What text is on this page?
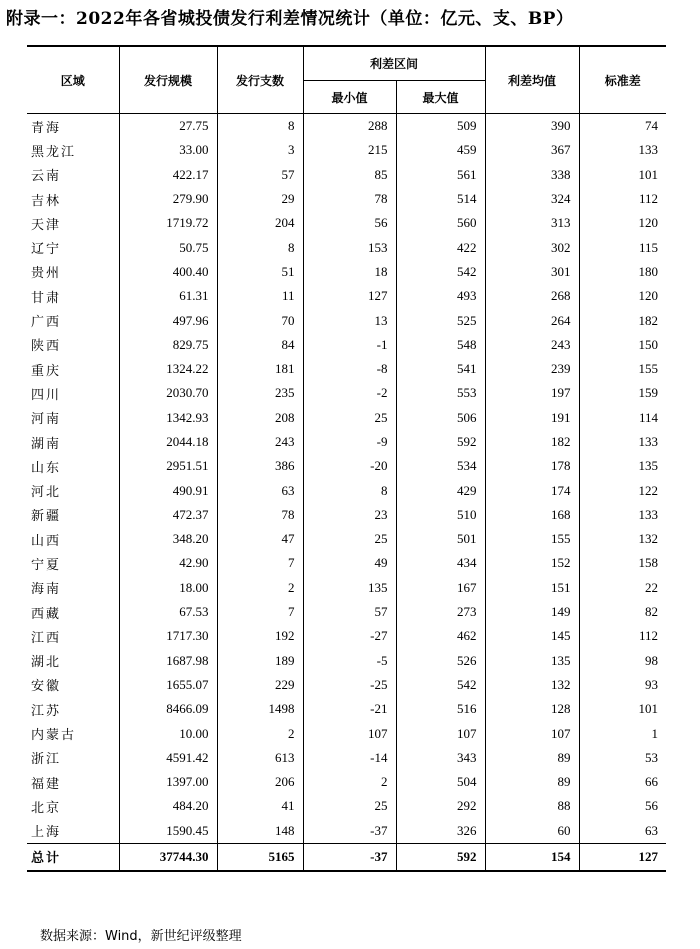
附录一：2022年各省城投债发行利差情况统计（单位：亿元、支、BP）
区域	发行规模	发行支数	利差区间		利差均值	标准差
			最小值	最大值		
青海	27.75	8	288	509	390	74
黑龙江	33.00	3	215	459	367	133
云南	422.17	57	85	561	338	101
吉林	279.90	29	78	514	324	112
天津	1719.72	204	56	560	313	120
辽宁	50.75	8	153	422	302	115
贵州	400.40	51	18	542	301	180
甘肃	61.31	11	127	493	268	120
广西	497.96	70	13	525	264	182
陕西	829.75	84	-1	548	243	150
重庆	1324.22	181	-8	541	239	155
四川	2030.70	235	-2	553	197	159
河南	1342.93	208	25	506	191	114
湖南	2044.18	243	-9	592	182	133
山东	2951.51	386	-20	534	178	135
河北	490.91	63	8	429	174	122
新疆	472.37	78	23	510	168	133
山西	348.20	47	25	501	155	132
宁夏	42.90	7	49	434	152	158
海南	18.00	2	135	167	151	22
西藏	67.53	7	57	273	149	82
江西	1717.30	192	-27	462	145	112
湖北	1687.98	189	-5	526	135	98
安徽	1655.07	229	-25	542	132	93
江苏	8466.09	1498	-21	516	128	101
内蒙古	10.00	2	107	107	107	1
浙江	4591.42	613	-14	343	89	53
福建	1397.00	206	2	504	89	66
北京	484.20	41	25	292	88	56
上海	1590.45	148	-37	326	60	63
总计	37744.30	5165	-37	592	154	127
数据来源：Wind，新世纪评级整理
